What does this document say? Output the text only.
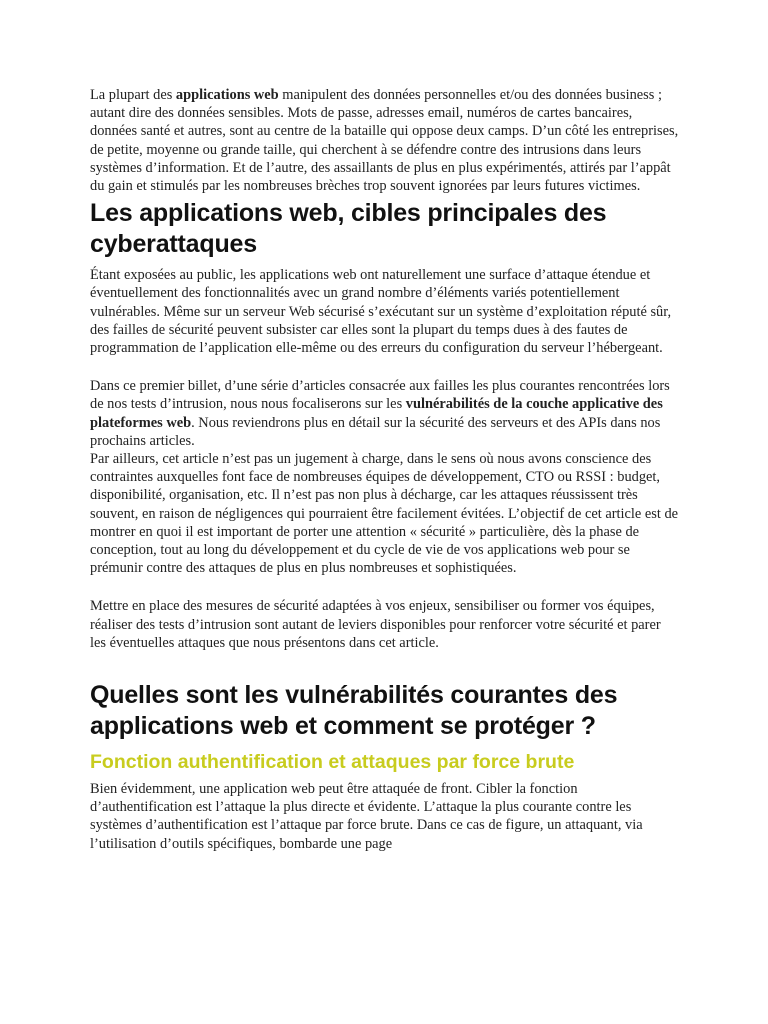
La plupart des applications web manipulent des données personnelles et/ou des données business ; autant dire des données sensibles. Mots de passe, adresses email, numéros de cartes bancaires, données santé et autres, sont au centre de la bataille qui oppose deux camps. D’un côté les entreprises, de petite, moyenne ou grande taille, qui cherchent à se défendre contre des intrusions dans leurs systèmes d’information. Et de l’autre, des assaillants de plus en plus expérimentés, attirés par l’appât du gain et stimulés par les nombreuses brèches trop souvent ignorées par leurs futures victimes.

Les applications web, cibles principales des cyberattaques

Étant exposées au public, les applications web ont naturellement une surface d’attaque étendue et éventuellement des fonctionnalités avec un grand nombre d’éléments variés potentiellement vulnérables. Même sur un serveur Web sécurisé s’exécutant sur un système d’exploitation réputé sûr, des failles de sécurité peuvent subsister car elles sont la plupart du temps dues à des fautes de programmation de l’application elle-même ou des erreurs du configuration du serveur l’hébergeant.

Dans ce premier billet, d’une série d’articles consacrée aux failles les plus courantes rencontrées lors de nos tests d’intrusion, nous nous focaliserons sur les vulnérabilités de la couche applicative des plateformes web. Nous reviendrons plus en détail sur la sécurité des serveurs et des APIs dans nos prochains articles.

Par ailleurs, cet article n’est pas un jugement à charge, dans le sens où nous avons conscience des contraintes auxquelles font face de nombreuses équipes de développement, CTO ou RSSI : budget, disponibilité, organisation, etc. Il n’est pas non plus à décharge, car les attaques réussissent très souvent, en raison de négligences qui pourraient être facilement évitées. L’objectif de cet article est de montrer en quoi il est important de porter une attention « sécurité » particulière, dès la phase de conception, tout au long du développement et du cycle de vie de vos applications web pour se prémunir contre des attaques de plus en plus nombreuses et sophistiquées.

Mettre en place des mesures de sécurité adaptées à vos enjeux, sensibiliser ou former vos équipes, réaliser des tests d’intrusion sont autant de leviers disponibles pour renforcer votre sécurité et parer les éventuelles attaques que nous présentons dans cet article.

Quelles sont les vulnérabilités courantes des applications web et comment se protéger ?
Fonction authentification et attaques par force brute

Bien évidemment, une application web peut être attaquée de front. Cibler la fonction d’authentification est l’attaque la plus directe et évidente. L’attaque la plus courante contre les systèmes d’authentification est l’attaque par force brute. Dans ce cas de figure, un attaquant, via l’utilisation d’outils spécifiques, bombarde une page
